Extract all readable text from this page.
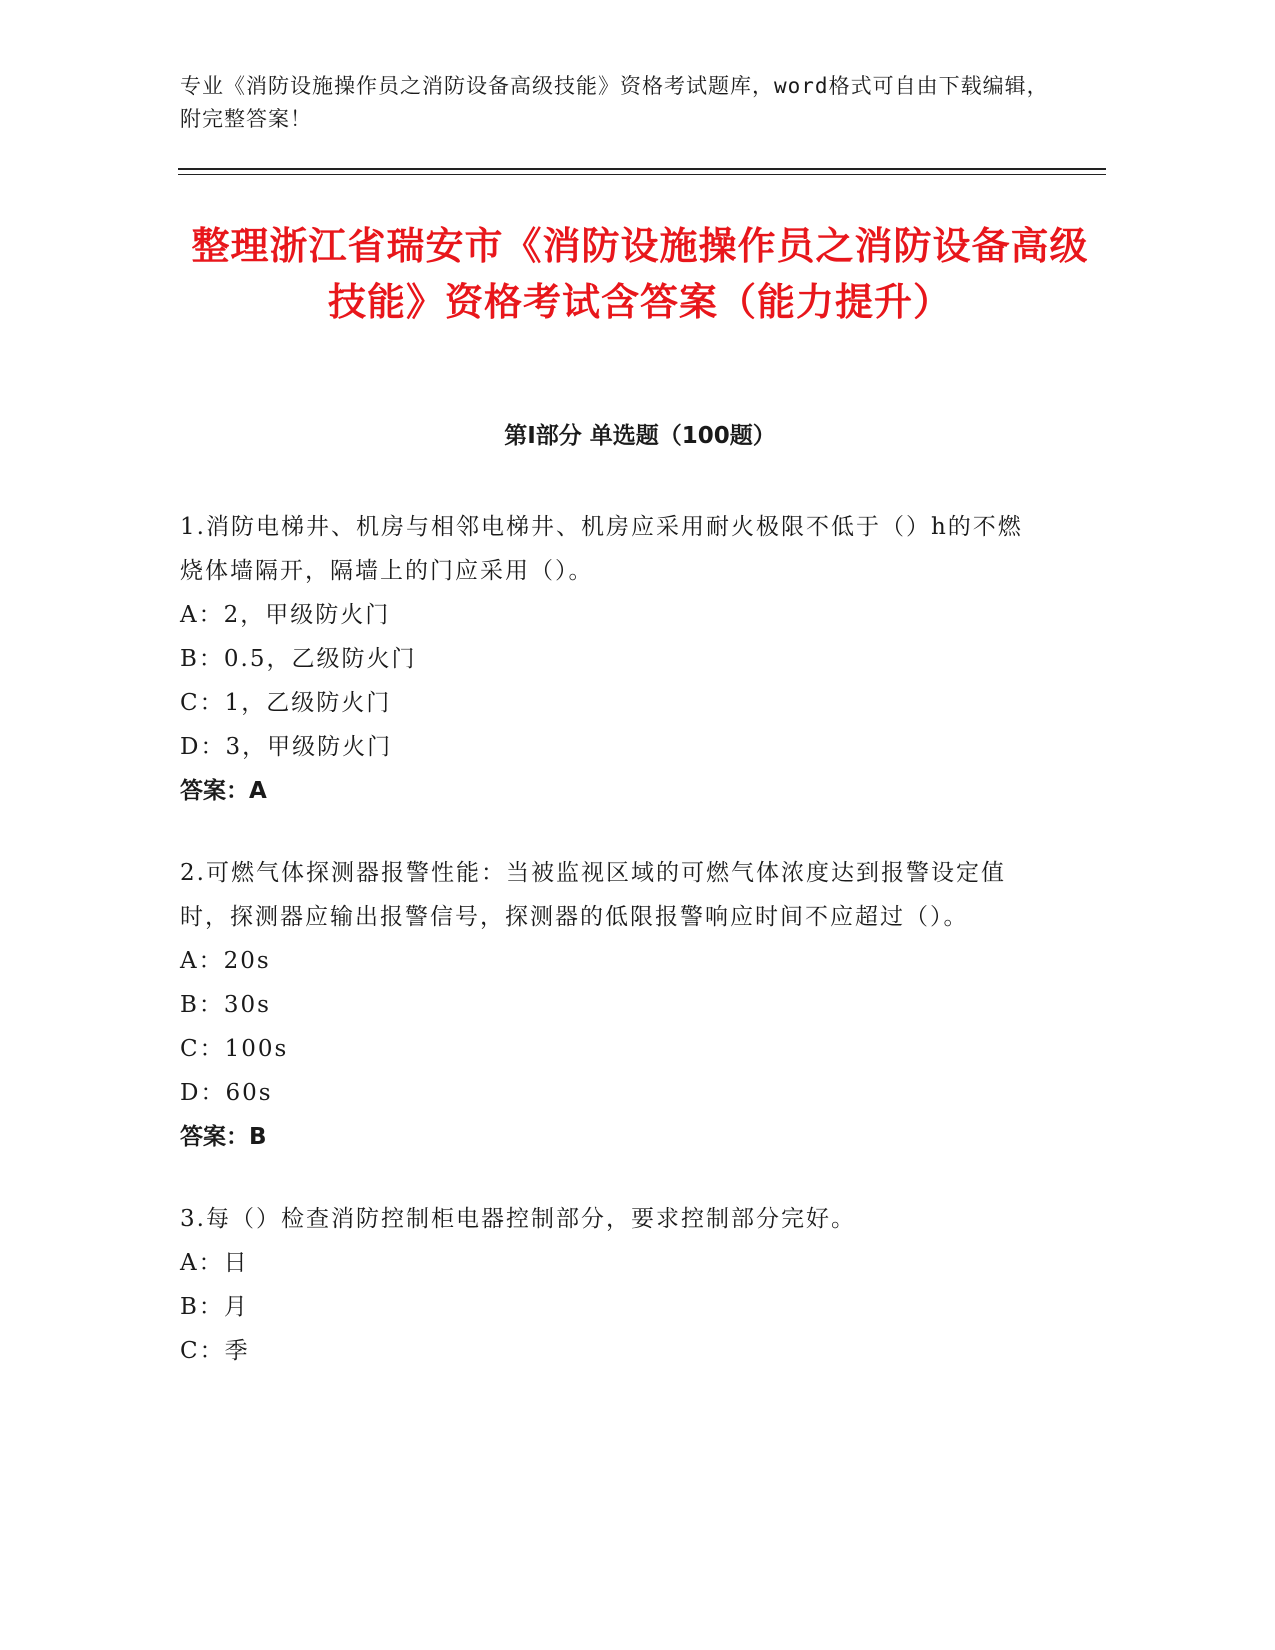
专业《消防设施操作员之消防设备高级技能》资格考试题库，word格式可自由下载编辑，附完整答案！
整理浙江省瑞安市《消防设施操作员之消防设备高级技能》资格考试含答案（能力提升）
第I部分 单选题（100题）

1.消防电梯井、机房与相邻电梯井、机房应采用耐火极限不低于（）h的不燃烧体墙隔开，隔墙上的门应采用（）。

A：2，甲级防火门

B：0.5，乙级防火门

C：1，乙级防火门

D：3，甲级防火门

答案：A

2.可燃气体探测器报警性能：当被监视区域的可燃气体浓度达到报警设定值时，探测器应输出报警信号，探测器的低限报警响应时间不应超过（）。

A：20s

B：30s

C：100s

D：60s

答案：B

3.每（）检查消防控制柜电器控制部分，要求控制部分完好。

A：日

B：月

C：季
